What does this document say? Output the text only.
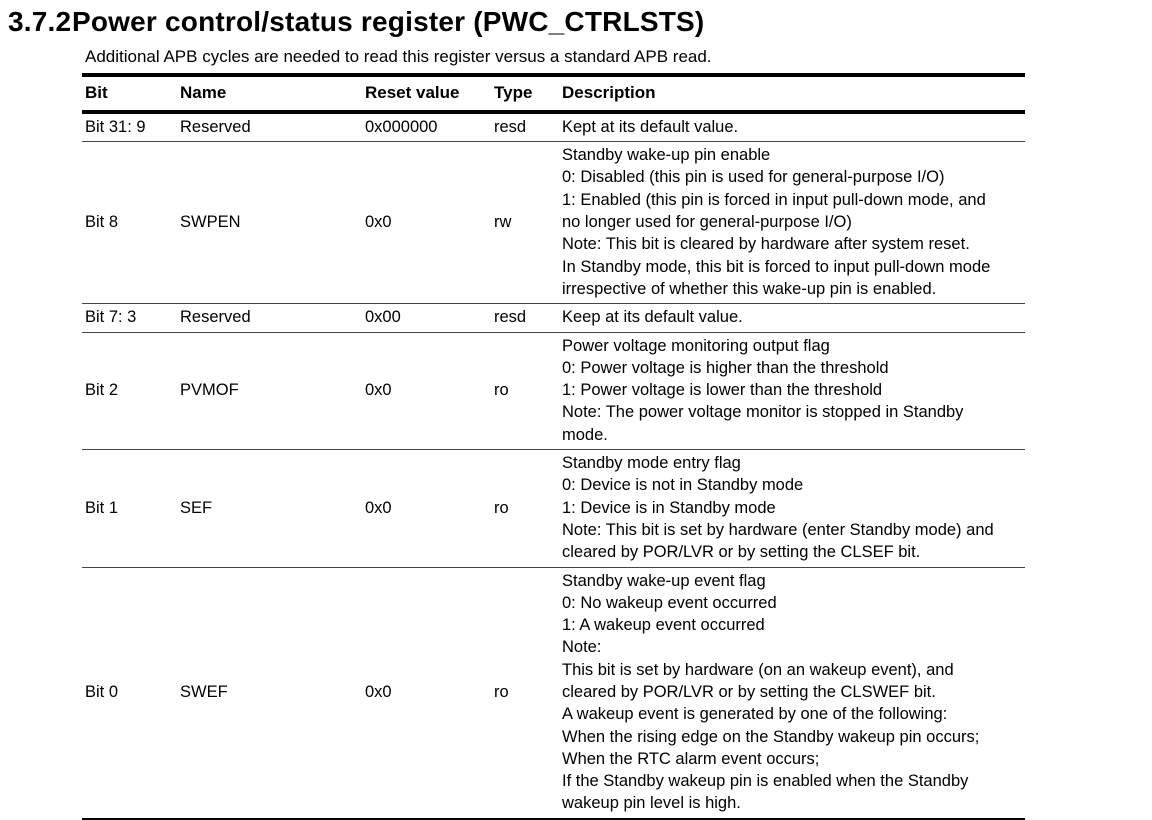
3.7.2 Power control/status register (PWC_CTRLSTS)
Additional APB cycles are needed to read this register versus a standard APB read.
Bit	Name	Reset value	Type	Description
Bit 31: 9	Reserved	0x000000	resd	Kept at its default value.

Bit 8	SWPEN	0x0	rw	
Standby wake-up pin enable
0: Disabled (this pin is used for general-purpose I/O)
1: Enabled (this pin is forced in input pull-down mode, and
no longer used for general-purpose I/O)
Note: This bit is cleared by hardware after system reset.
In Standby mode, this bit is forced to input pull-down mode
irrespective of whether this wake-up pin is enabled.

Bit 7: 3	Reserved	0x00	resd	Keep at its default value.

Bit 2	PVMOF	0x0	ro	Power voltage monitoring output flag
0: Power voltage is higher than the threshold
1: Power voltage is lower than the threshold
Note: The power voltage monitor is stopped in Standby
mode.

Bit 1	SEF	0x0	ro	Standby mode entry flag
0: Device is not in Standby mode
1: Device is in Standby mode
Note: This bit is set by hardware (enter Standby mode) and
cleared by POR/LVR or by setting the CLSEF bit.

Bit 0	SWEF	0x0	ro	
Standby wake-up event flag
0: No wakeup event occurred
1: A wakeup event occurred
Note:
This bit is set by hardware (on an wakeup event), and
cleared by POR/LVR or by setting the CLSWEF bit.
A wakeup event is generated by one of the following:
When the rising edge on the Standby wakeup pin occurs;
When the RTC alarm event occurs;
If the Standby wakeup pin is enabled when the Standby
wakeup pin level is high.
